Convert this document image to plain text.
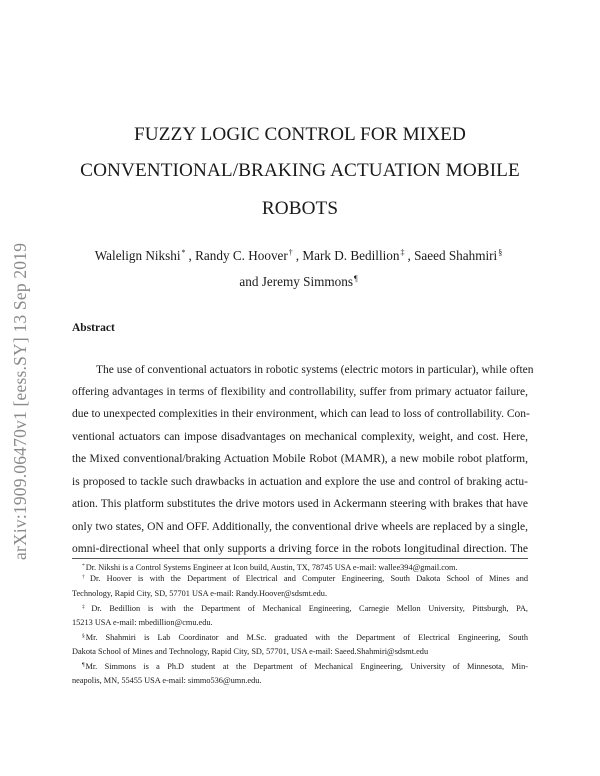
arXiv:1909.06470v1 [eess.SY] 13 Sep 2019
FUZZY LOGIC CONTROL FOR MIXED
CONVENTIONAL/BRAKING ACTUATION MOBILE
ROBOTS
Walelign Nikshi* , Randy C. Hoover† , Mark D. Bedillion‡ , Saeed Shahmiri§
and Jeremy Simmons¶
Abstract
The use of conventional actuators in robotic systems (electric motors in particular), while often
offering advantages in terms of flexibility and controllability, suffer from primary actuator failure,
due to unexpected complexities in their environment, which can lead to loss of controllability. Con-
ventional actuators can impose disadvantages on mechanical complexity, weight, and cost. Here,
the Mixed conventional/braking Actuation Mobile Robot (MAMR), a new mobile robot platform,
is proposed to tackle such drawbacks in actuation and explore the use and control of braking actu-
ation. This platform substitutes the drive motors used in Ackermann steering with brakes that have
only two states, ON and OFF. Additionally, the conventional drive wheels are replaced by a single,
omni-directional wheel that only supports a driving force in the robots longitudinal direction. The
*Dr. Nikshi is a Control Systems Engineer at Icon build, Austin, TX, 78745 USA e-mail: wallee394@gmail.com.
†Dr. Hoover is with the Department of Electrical and Computer Engineering, South Dakota School of Mines and
Technology, Rapid City, SD, 57701 USA e-mail: Randy.Hoover@sdsmt.edu.
‡Dr. Bedillion is with the Department of Mechanical Engineering, Carnegie Mellon University, Pittsburgh, PA,
15213 USA e-mail: mbedillion@cmu.edu.
§Mr. Shahmiri is Lab Coordinator and M.Sc. graduated with the Department of Electrical Engineering, South
Dakota School of Mines and Technology, Rapid City, SD, 57701, USA e-mail: Saeed.Shahmiri@sdsmt.edu
¶Mr. Simmons is a Ph.D student at the Department of Mechanical Engineering, University of Minnesota, Min-
neapolis, MN, 55455 USA e-mail: simmo536@umn.edu.
